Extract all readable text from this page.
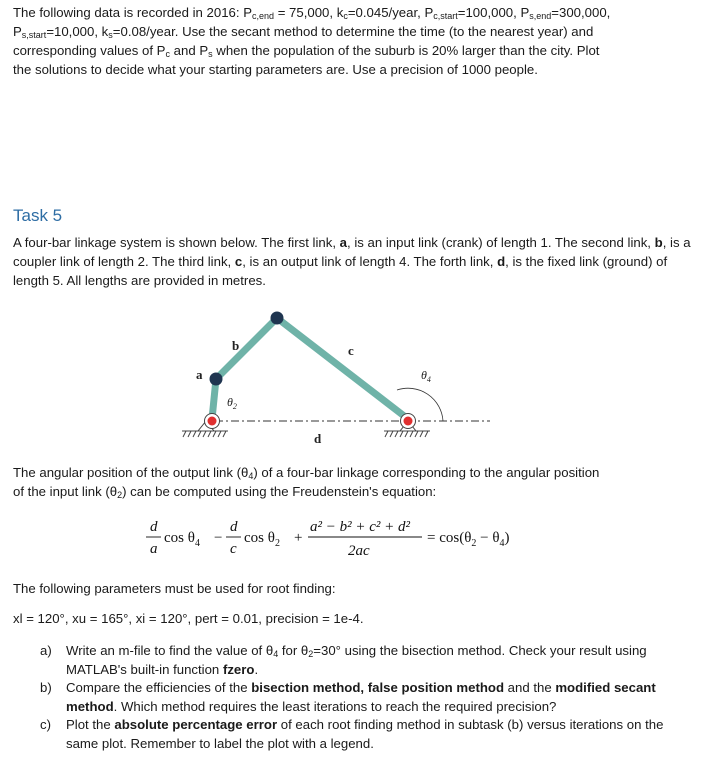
The following data is recorded in 2016: $P_{c,end} = 75,000$, $k_c=0.045$/year, $P_{c,start}=100,000$, $P_{s,end}=300,000$,
$P_{s,start}=10,000$, $k_s=0.08$/year. Use the secant method to determine the time (to the nearest year) and
corresponding values of $P_c$ and $P_s$ when the population of the suburb is 20% larger than the city. Plot
the solutions to decide what your starting parameters are. Use a precision of 1000 people.
Task 5
A four-bar linkage system is shown below. The first link, a, is an input link (crank) of length 1. The second link, b, is a coupler link of length 2. The third link, c, is an output link of length 4. The forth link, d, is the fixed link (ground) of length 5. All lengths are provided in metres.
a
b	c
d
$\theta_2$
$\theta_4$
The angular position of the output link $(\theta_4)$ of a four-bar linkage corresponding to the angular position
of the input link $(\theta_2)$ can be computed using the Freudenstein's equation:
d
a
$\cos \theta_4$ −
d
c
$\cos \theta_2$ +
a² − b² + c² + d²
2ac
= $\cos(\theta_2 - \theta_4)$
The following parameters must be used for root finding:
xl = 120°, xu = 165°, xi = 120°, pert = 0.01, precision = 1e-4.
a)	Write an m-file to find the value of $\theta_4$ for $\theta_2=30^\circ$ using the bisection method. Check your result using MATLAB's built-in function fzero.
b)	Compare the efficiencies of the bisection method, false position method and the modified secant method. Which method requires the least iterations to reach the required precision?
c)	Plot the absolute percentage error of each root finding method in subtask (b) versus iterations on the same plot. Remember to label the plot with a legend.
